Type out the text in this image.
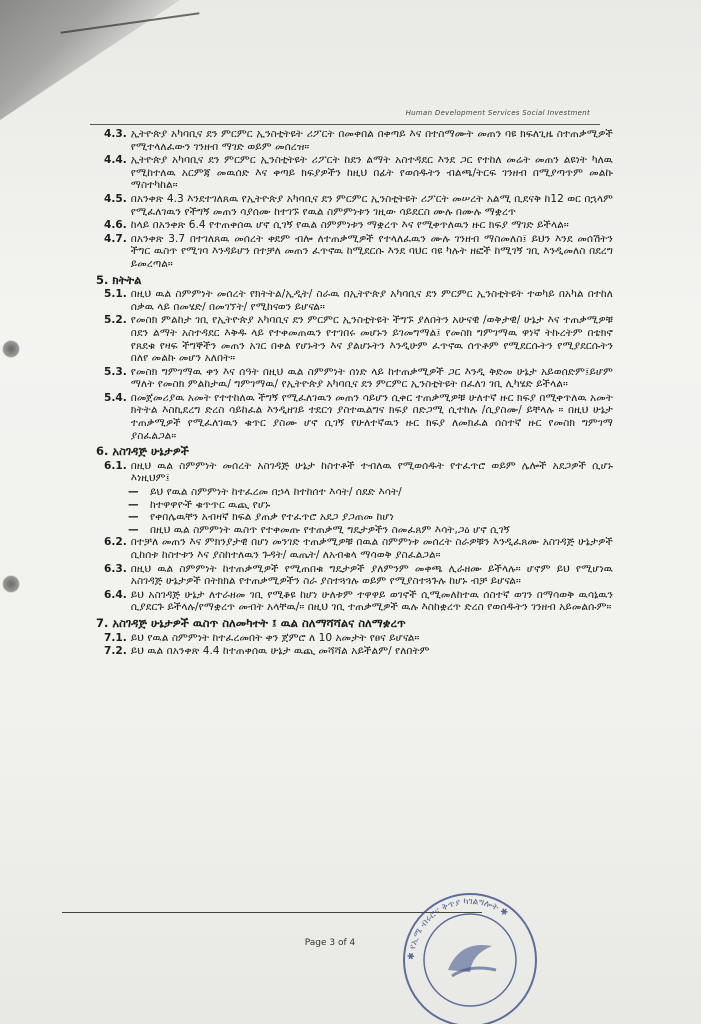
Human Development Services Social Investment
4.3. ኢትዮጵያ አካባቢና ደን ምርምር ኢንስቲትዩት ሪፖርት በመቀበል በቀጣይ እና በተስማሙት መጠን ባዩ ክፍለጊዜ ስተጠቃሚዎች የሚተላለፈውን ገንዘብ ማገድ ወይም መሰረዝ።
4.4. ኢትዮጵያ አካባቢና ደን ምርምር ኢንስቲትዩት ሪፖርት ከደን ልማት አስተዳደር እንደ ጋር የተከለ መሬት መጠን ልዩነት ካለዉ የሚከተለዉ አርምጃ መዉሰድ እና ቀጣይ ክፍያዎችን ከዚህ በፊት የወሰዱትን ብልጫ/ትርፍ ገንዘብ በሚያጣጥም መልኩ ማስተካከል።
4.5. በአንቀጽ 4.3 እንደተገለጸዉ የኢትዮጵያ አካባቢና ደን ምርምር ኢንስቲትዩት ሪፖርት መሠረት አልሚ ቢደናቅ ከ12 ወር በኋላም የሚፈለገዉን የችግኝ መጠን ሳያሰሙ ከተገኙ የዉል ስምምነቱን ገዚው ሳይደርስ ሙሉ በሙሉ ማቋረጥ
4.6. ከላይ በአንቀጽ 6.4 የተጠቀሰዉ ሆኖ ሲገኝ የዉል ስምምነቱን ማቋረጥ እና የሚቀጥለዉን ዙር ክፍያ ማገድ ይችላል።
4.7. በአንቀጽ 3.7 በተገለጸዉ መሰረት ቀደም ብሎ ለተጠቃሚዎች የተላለፈዉን ሙሉ ገንዘብ ማስመለስ፤ ይህን እንደ መሰሽትን ችግር ዉስጥ የሚገባ እንዳይሆን በተቻለ መጠን ፈጥኖዉ ከሚደርሱ እንደ ባህር ባዩ ካሉት ዘፎች ከሚገኝ ገቢ እንዲመለስ በደረግ ይመረጣል።
5. ክትትል
5.1. በዚህ ዉል ስምምነት መሰረት የክትትል/ኢዲት/ ስራዉ በኢትዮጵያ አካባቢና ደን ምርምር ኢንስቲትዩት ተወካይ በአካል በተከለ ሰቃዉ ላይ በመሄድ/ በመገኘት/ የሚከናወን ይሆናል።
5.2. የመስክ ምልከታ ገቢ የኢትዮጵያ አካባቢና ደን ምርምር ኢንስቲትዩት ችግኙ ያለበትን አሁናዊ /ወቅታዊ/ ሁኔታ እና ተጠቃሚዎቹ በደን ልማት አስተዳደር እቅዱ ላይ የተቀመጠዉን የተገበሩ መሆኑን ይገመግማል፤ የመስክ ግምገማዉ ዋነኛ ትኩረትም በቴክኖ የጸደቁ የዛፍ ችግኞችን መጠን አገር በቀል የሆኑትን እና ያልሆኑትን እንዲሁም ፈጥኖዉ ሰጥቶም የሚደርሱትን የሚያደርሱትን በለየ መልኩ መሆን አለበት።
5.3. የመስክ ግምገማዉ ቀን እና ሰዓት በዚህ ዉል ስምምነት ሰነድ ላይ ከተጠቃሚዎች ጋር እንዲ ቅድመ ሁኔታ አይወሰድም፤ይሆም ማለት የመስክ ምልከታዉ/ ግምገማዉ/ የኢትዮጵያ አካባቢና ደን ምርምር ኢንስቲትዩት በፈለገ ገቢ ሊካሄድ ይችላል።
5.4. በመጀመሪያዉ አመት የተተከለዉ ችግኝ የሚፈለገዉን መጠን ሳይሆን ሲቀር ተጠቃሚዎቹ ሁለተኛ ዙር ክፍያ በሚቀጥለዉ አመት ክትትል እስኪደረግ ድረስ ሳይከፈል እንዲዘገይ ተደርጎ ያስተዉልግና ክፍያ በድጋሚ ሲተከሉ /ሲያስሙ/ ይቸላሉ ። በዚህ ሁኔታ ተጠቃሚዎች የሚፈለገዉን ቁጥር ያስሙ ሆኖ ሲገኝ የሁለተኛዉን ዙር ክፍያ ለመክፈል ሰስተኛ ዙር የመስክ ግምገማ ያስፈልጋል።
6. አስገዳጅ ሁኔታዎች
6.1. በዚህ ዉል ስምምነት መሰረት አስገዳጅ ሁኔታ ከስተቶች ተብለዉ የሚወሰዱት የተፈጥሮ ወይም ሌሎች አደጋዎች ሲሆኑ እነዚህም፤
—	ይህ የዉል ስምምነት ከተፈረመ በኃላ ከተከሰተ እሳት/ ሰደድ እሳት/
—	ከተዋዋዮች ቁጥጥር ዉጪ የሆኑ
—	የቀበሌዉቸን አብዛኛ ክፍል ያጠቃ የተፈጥሮ አደጋ ያጋጠመ ከሆነ
—	በዚህ ዉል ስምምነት ዉስጥ የተቀመጡ የተጠቃሚ ግዴታዎችን ስመፈጸም እሳት,ጋዕ ሆኖ ሲገኝ
6.2. በተቻለ መጠን እና ምክንያታዊ በሆነ መንገድ ተጠቃሚዎቹ በዉል ስምምነቱ መሰረት ስራዎቹን እንዲፈጸሙ አስገዳጅ ሁኔታዎች ሲከሰቱ ከስተቱን እና ያስከተለዉን ጉዳት/ ዉጤት/ ለአብቁላ ማሳወቅ ያስፈልጋል።
6.3. በዚህ ዉል ስምምነት ከተጠቃሚዎች የሚጠበቁ ግዴታዎች ያለምንም መቀጫ ሊራዘሙ ይችላሉ። ሆኖም ይህ የሚሆነዉ አስገዳጅ ሁኔታዎች በትክክል የተጠቃሚዎችን ስራ ያስተጓጎሉ ወይም የሚያስተጓጉሉ ከሆኑ ብቻ ይሆናል።
6.4. ይህ አስገዳጅ ሁኔታ ለተራዘመ ገቢ የሚቆዩ ከሆነ ሁለቱም ተዋዋይ ወገኖች ሲሚመለከተዉ ሰስተኛ ወገን በማሳወቅ ዉሳኔዉን ሲያደርጉ ይችላሉ/የማቋረጥ መብት አላቸዉ/። በዚህ ገቢ ተጠቃሚዎች ዉሉ እስከቋረጥ ድረስ የወሰዱትን ገንዘብ አይመልሱም።
7. አስገዳጅ ሁኔታዎች ዉስጥ ስለመካተት ፤ ዉል ስለማሻሻልና ስለማቋረጥ
7.1. ይህ የዉል ስምምነት ከተፈረመበት ቀን ጀምሮ ለ 10 አመታት የፀና ይሆናል።
7.2. ይህ ዉል በአንቀጽ 4.4 ከተጠቀሰዉ ሁኔታ ዉጪ መሻሻል አይችልም/ የለበትም
Page 3 of 4
✱ የኢሜ ብሩሮና ቅጥያ ካገልግሎት ✱
